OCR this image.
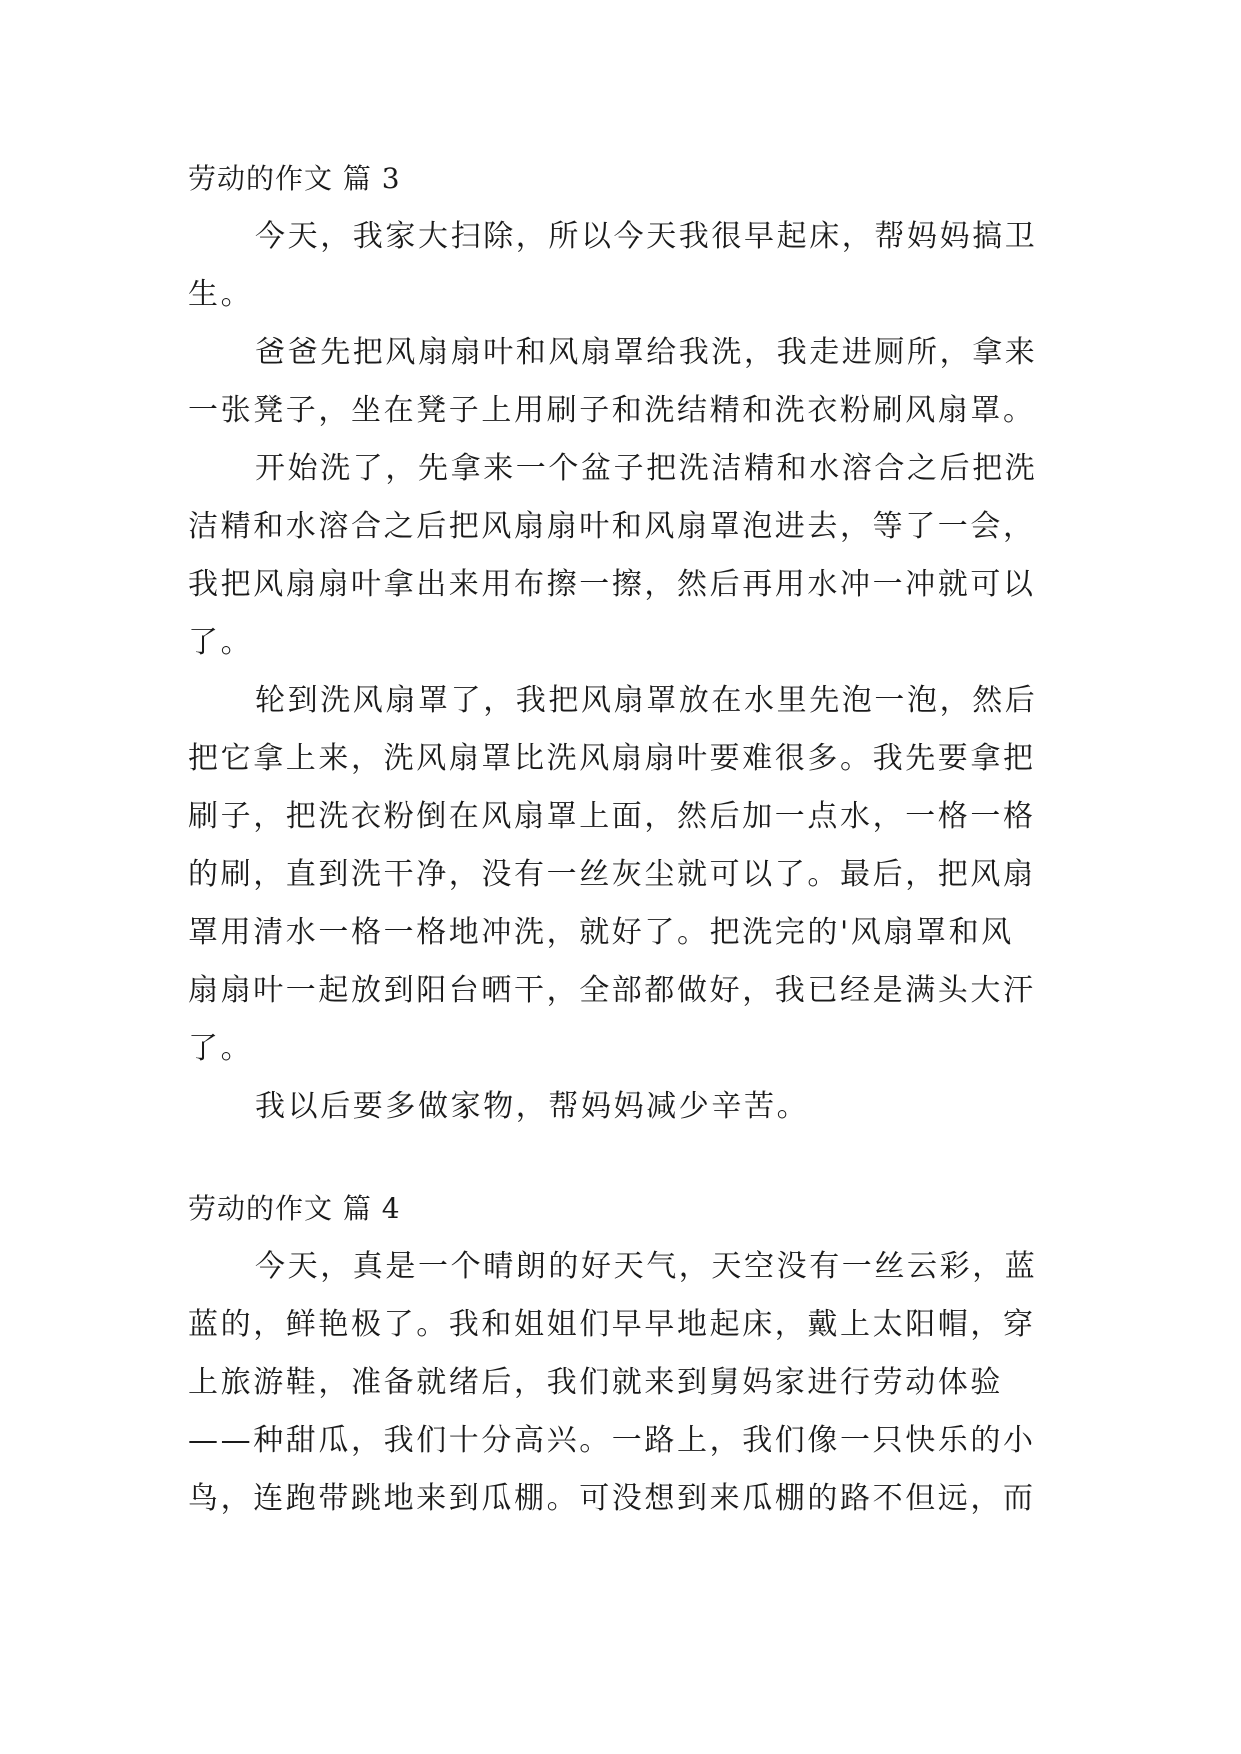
劳动的作文 篇 3
今天，我家大扫除，所以今天我很早起床，帮妈妈搞卫
生。
爸爸先把风扇扇叶和风扇罩给我洗，我走进厕所，拿来
一张凳子，坐在凳子上用刷子和洗结精和洗衣粉刷风扇罩。
开始洗了，先拿来一个盆子把洗洁精和水溶合之后把洗
洁精和水溶合之后把风扇扇叶和风扇罩泡进去，等了一会，
我把风扇扇叶拿出来用布擦一擦，然后再用水冲一冲就可以
了。
轮到洗风扇罩了，我把风扇罩放在水里先泡一泡，然后
把它拿上来，洗风扇罩比洗风扇扇叶要难很多。我先要拿把
刷子，把洗衣粉倒在风扇罩上面，然后加一点水，一格一格
的刷，直到洗干净，没有一丝灰尘就可以了。最后，把风扇
罩用清水一格一格地冲洗，就好了。把洗完的'风扇罩和风
扇扇叶一起放到阳台晒干，全部都做好，我已经是满头大汗
了。
我以后要多做家物，帮妈妈减少辛苦。
劳动的作文 篇 4
今天，真是一个晴朗的好天气，天空没有一丝云彩，蓝
蓝的，鲜艳极了。我和姐姐们早早地起床，戴上太阳帽，穿
上旅游鞋，准备就绪后，我们就来到舅妈家进行劳动体验
——种甜瓜，我们十分高兴。一路上，我们像一只快乐的小
鸟，连跑带跳地来到瓜棚。可没想到来瓜棚的路不但远，而
